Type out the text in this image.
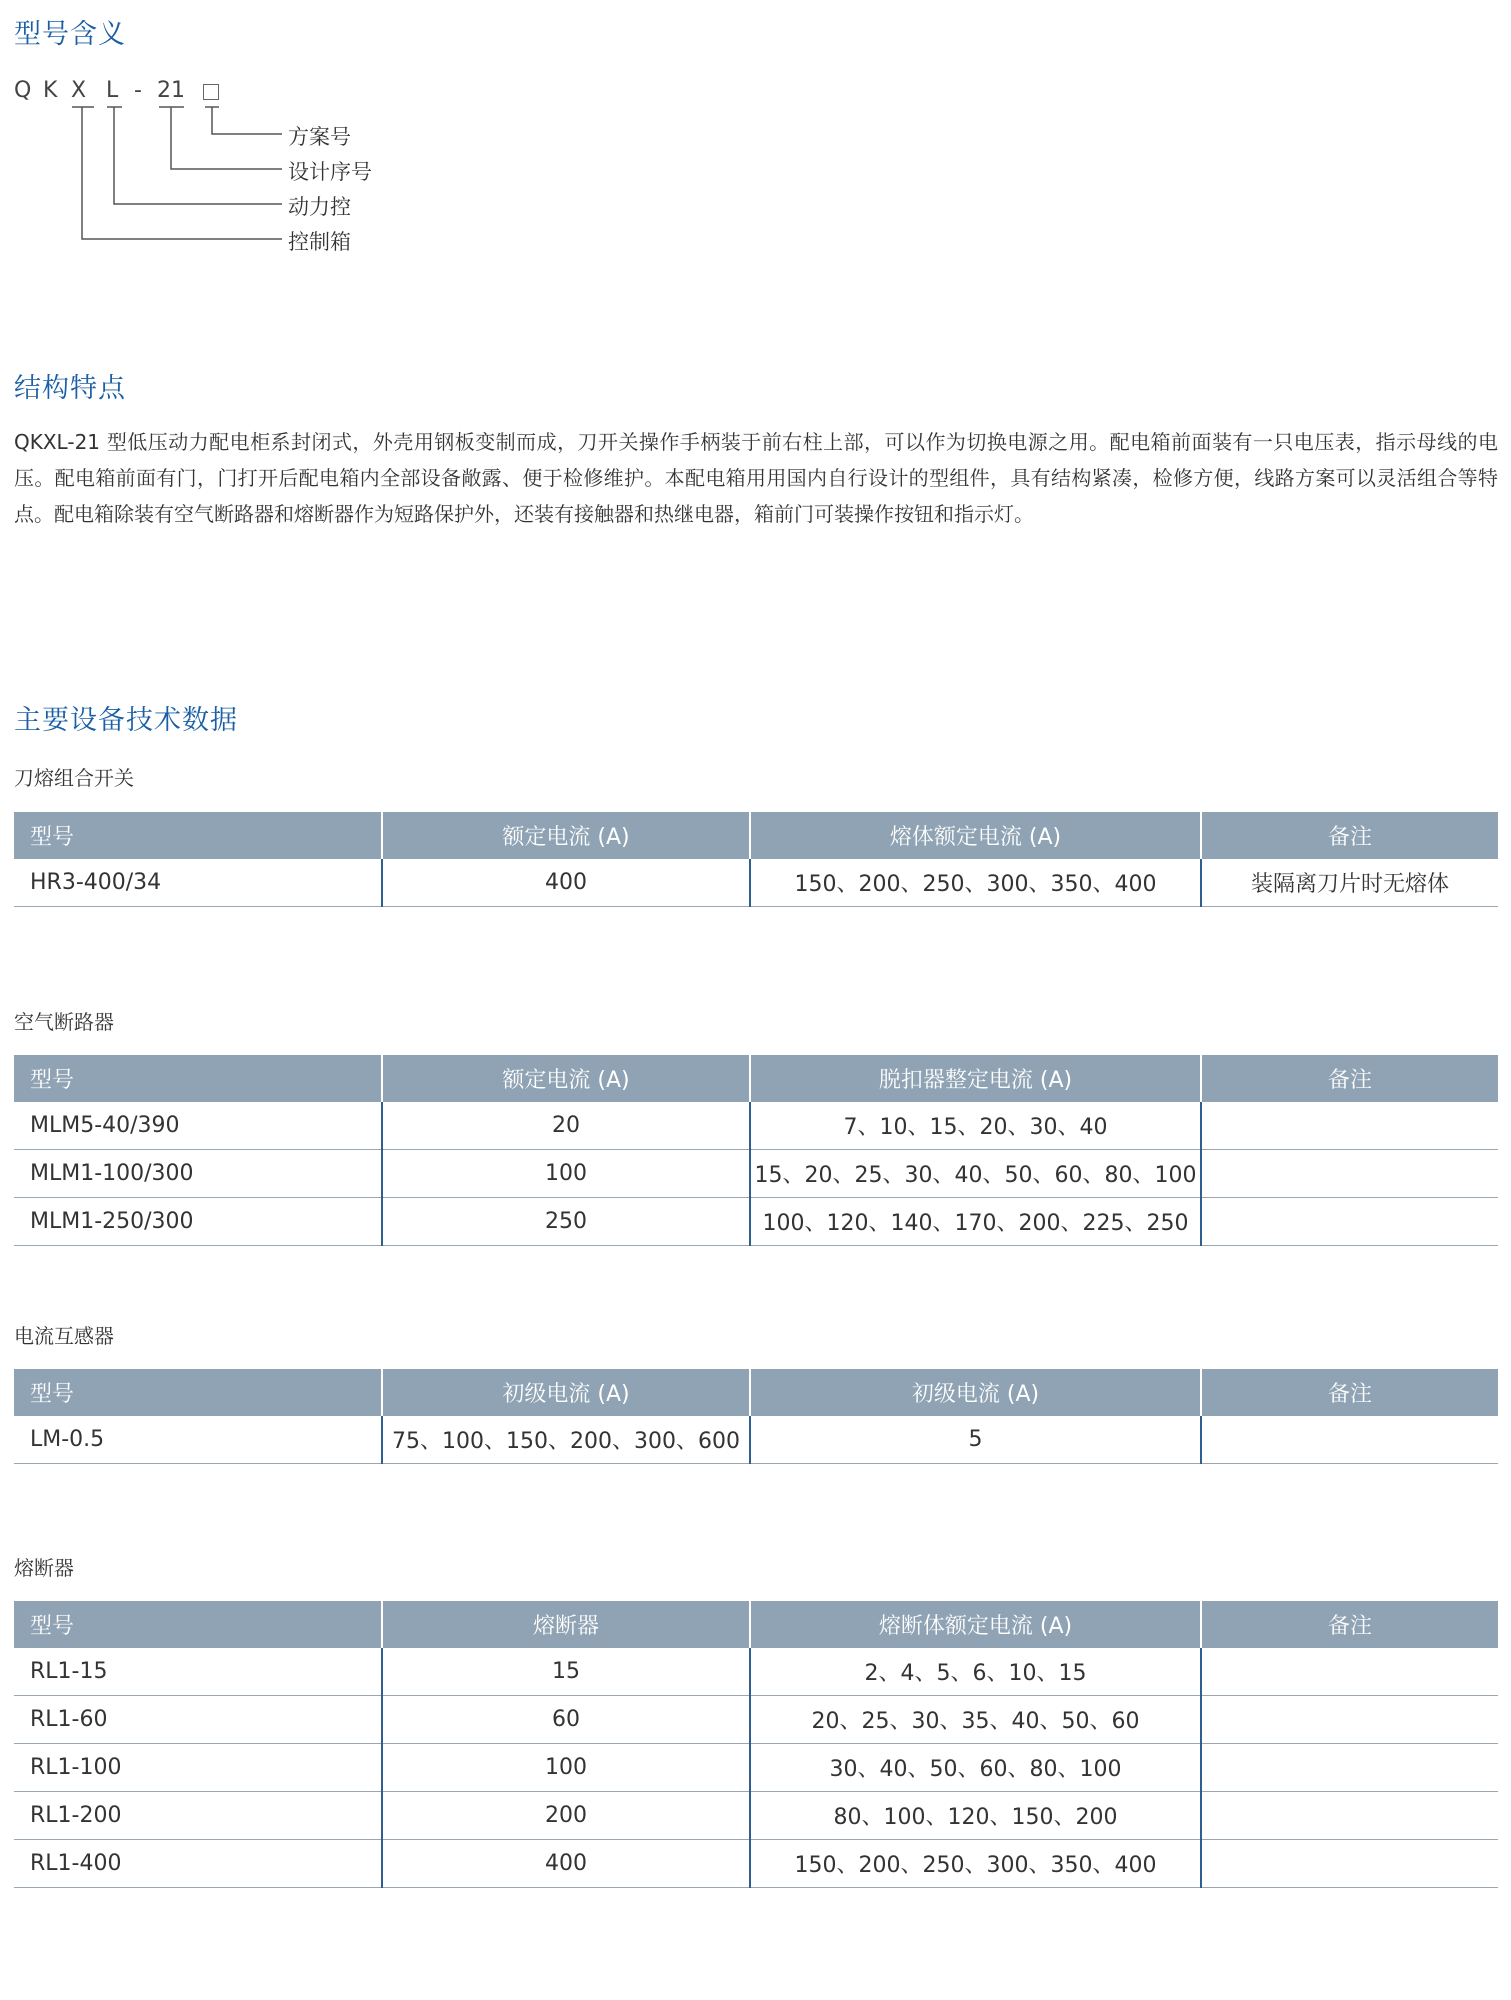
型号含义
Q K X L - 21
方案号
设计序号
动力控
控制箱
结构特点

QKXL-21 型低压动力配电柜系封闭式，外壳用钢板变制而成，刀开关操作手柄装于前右柱上部，可以作为切换电源之用。配电箱前面装有一只电压表，指示母线的电压。配电箱前面有门，门打开后配电箱内全部设备敞露、便于检修维护。本配电箱用用国内自行设计的型组件，具有结构紧凑，检修方便，线路方案可以灵活组合等特点。配电箱除装有空气断路器和熔断器作为短路保护外，还装有接触器和热继电器，箱前门可装操作按钮和指示灯。

主要设备技术数据
刀熔组合开关
型号	额定电流 (A)	熔体额定电流 (A)	备注
HR3-400/34	400	150、200、250、300、350、400	装隔离刀片时无熔体
空气断路器
型号	额定电流 (A)	脱扣器整定电流 (A)	备注
MLM5-40/390	20	7、10、15、20、30、40	
MLM1-100/300	100	15、20、25、30、40、50、60、80、100	
MLM1-250/300	250	100、120、140、170、200、225、250	
电流互感器
型号	初级电流 (A)	初级电流 (A)	备注
LM-0.5	75、100、150、200、300、600	5	
熔断器
型号	熔断器	熔断体额定电流 (A)	备注
RL1-15	15	2、4、5、6、10、15	
RL1-60	60	20、25、30、35、40、50、60	
RL1-100	100	30、40、50、60、80、100	
RL1-200	200	80、100、120、150、200	
RL1-400	400	150、200、250、300、350、400	
